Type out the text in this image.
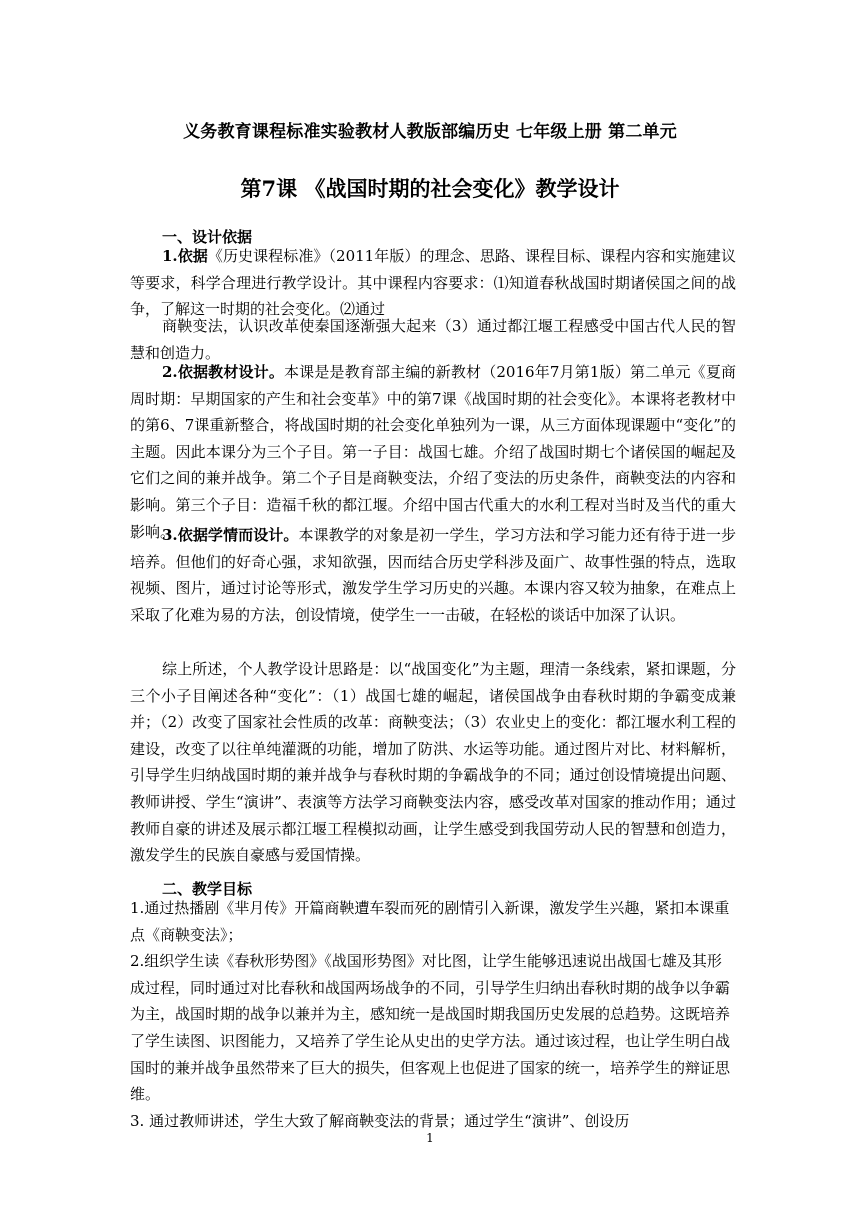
义务教育课程标准实验教材人教版部编历史 七年级上册 第二单元
第7课 《战国时期的社会变化》教学设计
一、设计依据
1.依据《历史课程标准》（2011年版）的理念、思路、课程目标、课程内容和实施建议等要求，科学合理进行教学设计。其中课程内容要求：⑴知道春秋战国时期诸侯国之间的战争，了解这一时期的社会变化。⑵通过
商鞅变法，认识改革使秦国逐渐强大起来（3）通过都江堰工程感受中国古代人民的智慧和创造力。
2.依据教材设计。本课是是教育部主编的新教材（2016年7月第1版）第二单元《夏商周时期：早期国家的产生和社会变革》中的第7课《战国时期的社会变化》。本课将老教材中的第6、7课重新整合，将战国时期的社会变化单独列为一课，从三方面体现课题中“变化”的主题。因此本课分为三个子目。第一子目：战国七雄。介绍了战国时期七个诸侯国的崛起及它们之间的兼并战争。第二个子目是商鞅变法，介绍了变法的历史条件，商鞅变法的内容和影响。第三个子目：造福千秋的都江堰。介绍中国古代重大的水利工程对当时及当代的重大影响。
3.依据学情而设计。本课教学的对象是初一学生，学习方法和学习能力还有待于进一步培养。但他们的好奇心强，求知欲强，因而结合历史学科涉及面广、故事性强的特点，选取视频、图片，通过讨论等形式，激发学生学习历史的兴趣。本课内容又较为抽象，在难点上采取了化难为易的方法，创设情境，使学生一一击破，在轻松的谈话中加深了认识。
综上所述，个人教学设计思路是：以“战国变化”为主题，理清一条线索，紧扣课题，分三个小子目阐述各种“变化”：（1）战国七雄的崛起，诸侯国战争由春秋时期的争霸变成兼并；（2）改变了国家社会性质的改革：商鞅变法；（3）农业史上的变化：都江堰水利工程的建设，改变了以往单纯灌溉的功能，增加了防洪、水运等功能。通过图片对比、材料解析，引导学生归纳战国时期的兼并战争与春秋时期的争霸战争的不同；通过创设情境提出问题、教师讲授、学生“演讲”、表演等方法学习商鞅变法内容，感受改革对国家的推动作用；通过教师自豪的讲述及展示都江堰工程模拟动画，让学生感受到我国劳动人民的智慧和创造力，激发学生的民族自豪感与爱国情操。
二、教学目标

1.通过热播剧《芈月传》开篇商鞅遭车裂而死的剧情引入新课，激发学生兴趣，紧扣本课重点《商鞅变法》；

2.组织学生读《春秋形势图》《战国形势图》对比图，让学生能够迅速说出战国七雄及其形成过程，同时通过对比春秋和战国两场战争的不同，引导学生归纳出春秋时期的战争以争霸为主，战国时期的战争以兼并为主，感知统一是战国时期我国历史发展的总趋势。这既培养了学生读图、识图能力，又培养了学生论从史出的史学方法。通过该过程，也让学生明白战国时的兼并战争虽然带来了巨大的损失，但客观上也促进了国家的统一，培养学生的辩证思维。

3. 通过教师讲述，学生大致了解商鞅变法的背景；通过学生“演讲”、创设历

1
